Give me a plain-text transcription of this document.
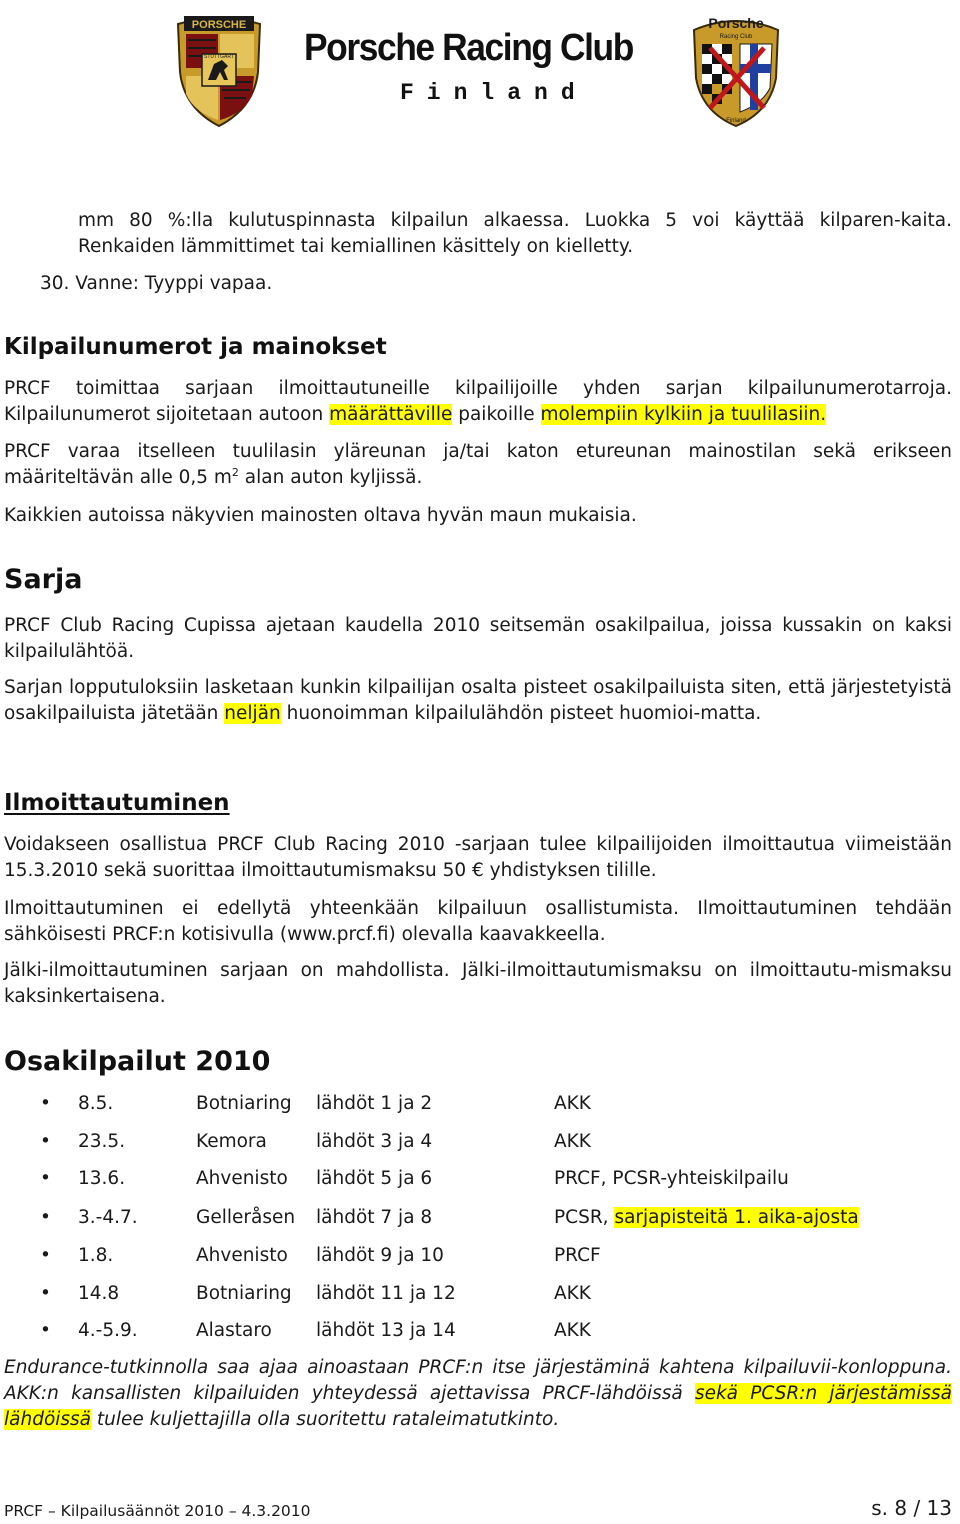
PORSCHE
STUTTGART Porsche Racing Club
Finland
Porsche
Racing Club
Finland

mm 80 %:lla kulutuspinnasta kilpailun alkaessa. Luokka 5 voi käyttää kilparen-kaita. Renkaiden lämmittimet tai kemiallinen käsittely on kielletty.

30. Vanne: Tyyppi vapaa.

Kilpailunumerot ja mainokset

PRCF toimittaa sarjaan ilmoittautuneille kilpailijoille yhden sarjan kilpailunumerotarroja. Kilpailunumerot sijoitetaan autoon määrättäville paikoille molempiin kylkiin ja tuulilasiin.

PRCF varaa itselleen tuulilasin yläreunan ja/tai katon etureunan mainostilan sekä erikseen määriteltävän alle 0,5 $m^2$ alan auton kyljissä.

Kaikkien autoissa näkyvien mainosten oltava hyvän maun mukaisia.

Sarja

PRCF Club Racing Cupissa ajetaan kaudella 2010 seitsemän osakilpailua, joissa kussakin on kaksi kilpailulähtöä.

Sarjan lopputuloksiin lasketaan kunkin kilpailijan osalta pisteet osakilpailuista siten, että järjestetyistä osakilpailuista jätetään neljän huonoimman kilpailulähdön pisteet huomioi-matta.

Ilmoittautuminen

Voidakseen osallistua PRCF Club Racing 2010 -sarjaan tulee kilpailijoiden ilmoittautua viimeistään 15.3.2010 sekä suorittaa ilmoittautumismaksu 50 € yhdistyksen tilille.

Ilmoittautuminen ei edellytä yhteenkään kilpailuun osallistumista. Ilmoittautuminen tehdään sähköisesti PRCF:n kotisivulla (www.prcf.fi) olevalla kaavakkeella.

Jälki-ilmoittautuminen sarjaan on mahdollista. Jälki-ilmoittautumismaksu on ilmoittautu-mismaksu kaksinkertaisena.

Osakilpailut 2010
• 8.5.	Botniaring lähdöt 1 ja 2	AKK
• 23.5.	Kemora	lähdöt 3 ja 4	AKK
• 13.6.	Ahvenisto lähdöt 5 ja 6	PRCF, PCSR-yhteiskilpailu
• 3.-4.7.	Gelleråsen lähdöt 7 ja 8	PCSR, sarjapisteitä 1. aika-ajosta
• 1.8.	Ahvenisto lähdöt 9 ja 10	PRCF
• 14.8	Botniaring lähdöt 11 ja 12	AKK
• 4.-5.9.	Alastaro lähdöt 13 ja 14	AKK

Endurance-tutkinnolla saa ajaa ainoastaan PRCF:n itse järjestäminä kahtena kilpailuvii-konloppuna. AKK:n kansallisten kilpailuiden yhteydessä ajettavissa PRCF-lähdöissä sekä PCSR:n järjestämissä lähdöissä tulee kuljettajilla olla suoritettu rataleimatutkinto.

PRCF – Kilpailusäännöt 2010 – 4.3.2010	s. 8 / 13
